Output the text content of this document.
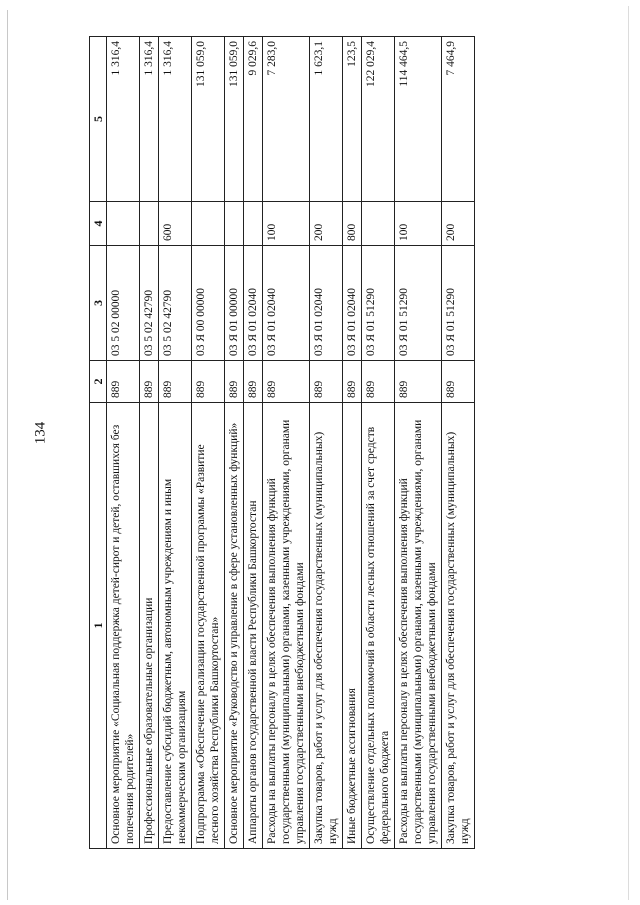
134
1	2	3	4	5
Основное мероприятие «Социальная поддержка детей-сирот и детей, оставшихся без попечения родителей»	889	03 5 02 00000		1 316,4
Профессиональные образовательные организации	889	03 5 02 42790		1 316,4
Предоставление субсидий бюджетным, автономным учреждениям и иным некоммерческим организациям	889	03 5 02 42790	600	1 316,4
Подпрограмма «Обеспечение реализации государственной программы «Развитие лесного хозяйства Республики Башкортостан»	889	03 Я 00 00000		131 059,0
Основное мероприятие «Руководство и управление в сфере установленных функций»	889	03 Я 01 00000		131 059,0
Аппараты органов государственной власти Республики Башкортостан	889	03 Я 01 02040		9 029,6
Расходы на выплаты персоналу в целях обеспечения выполнения функций государственными (муниципальными) органами, казенными учреждениями, органами управления государственными внебюджетными фондами	889	03 Я 01 02040	100	7 283,0
Закупка товаров, работ и услуг для обеспечения государственных (муниципальных) нужд	889	03 Я 01 02040	200	1 623,1
Иные бюджетные ассигнования	889	03 Я 01 02040	800	123,5
Осуществление отдельных полномочий в области лесных отношений за счет средств федерального бюджета	889	03 Я 01 51290		122 029,4
Расходы на выплаты персоналу в целях обеспечения выполнения функций государственными (муниципальными) органами, казенными учреждениями, органами управления государственными внебюджетными фондами	889	03 Я 01 51290	100	114 464,5
Закупка товаров, работ и услуг для обеспечения государственных (муниципальных) нужд	889	03 Я 01 51290	200	7 464,9
